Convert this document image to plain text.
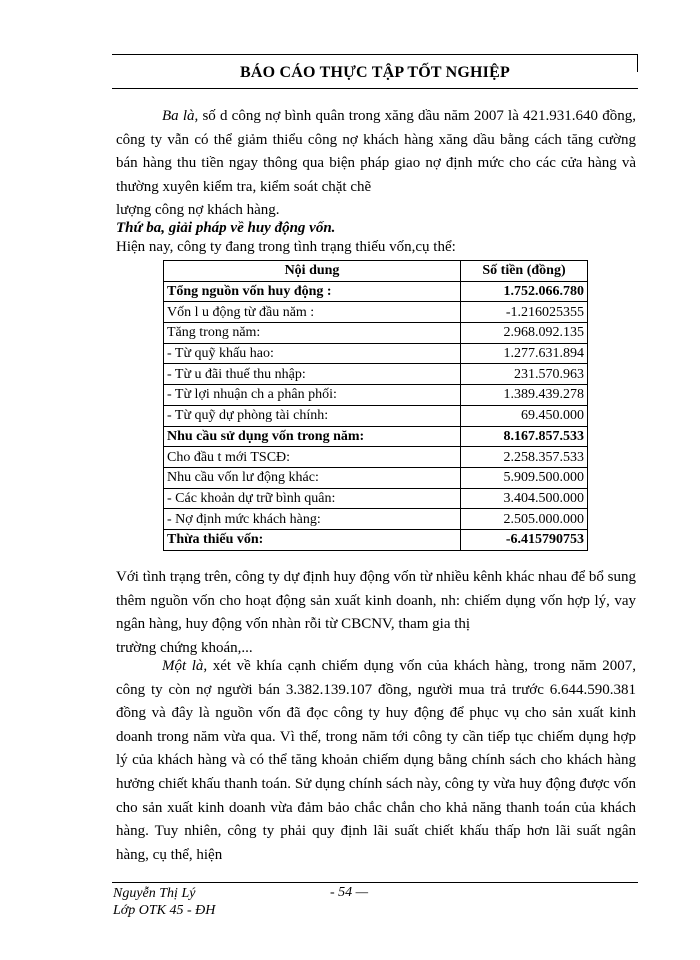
BÁO CÁO THỰC TẬP TỐT NGHIỆP

Ba là, số d công nợ bình quân trong xăng dầu năm 2007 là 421.931.640 đồng, công ty vẫn có thể giảm thiểu công nợ khách hàng xăng dầu bằng cách tăng cường bán hàng thu tiền ngay thông qua biện pháp giao nợ định mức cho các cửa hàng và thường xuyên kiểm tra, kiểm soát chặt chẽ

lượng công nợ khách hàng.

Thứ ba, giải pháp về huy động vốn.

Hiện nay, công ty đang trong tình trạng thiếu vốn,cụ thể:

Nội dung	Số tiền (đồng)
Tổng nguồn vốn huy động :	1.752.066.780
Vốn l u động từ đầu năm :	-1.216025355
Tăng trong năm:	2.968.092.135
- Từ quỹ khấu hao:	1.277.631.894
- Từ u đãi thuế thu nhập:	231.570.963
- Từ lợi nhuận ch a phân phối:	1.389.439.278
- Từ quỹ dự phòng tài chính:	69.450.000
Nhu cầu sử dụng vốn trong năm:	8.167.857.533
Cho đầu t mới TSCĐ:	2.258.357.533
Nhu cầu vốn lư động khác:	5.909.500.000
- Các khoản dự trữ bình quân:	3.404.500.000
- Nợ định mức khách hàng:	2.505.000.000
Thừa thiếu vốn:	-6.415790753

Với tình trạng trên, công ty dự định huy động vốn từ nhiều kênh khác nhau để bổ sung thêm nguồn vốn cho hoạt động sản xuất kinh doanh, nh: chiếm dụng vốn hợp lý, vay ngân hàng, huy động vốn nhàn rỗi từ CBCNV, tham gia thị

trường chứng khoán,...

Một là, xét về khía cạnh chiếm dụng vốn của khách hàng, trong năm 2007, công ty còn nợ người bán 3.382.139.107 đồng, người mua trả trước 6.644.590.381 đồng và đây là nguồn vốn đã đọc công ty huy động để phục vụ cho sản xuất kinh doanh trong năm vừa qua. Vì thế, trong năm tới công ty cần tiếp tục chiếm dụng hợp lý của khách hàng và có thể tăng khoản chiếm dụng bằng chính sách cho khách hàng hưởng chiết khấu thanh toán. Sử dụng chính sách này, công ty vừa huy động được vốn cho sản xuất kinh doanh vừa đảm bảo chắc chắn cho khả năng thanh toán của khách hàng. Tuy nhiên, công ty phải quy định lãi suất chiết khấu thấp hơn lãi suất ngân hàng, cụ thể, hiện

Nguyễn Thị Lý
Lớp OTK 45 - ĐH
- 54 —
